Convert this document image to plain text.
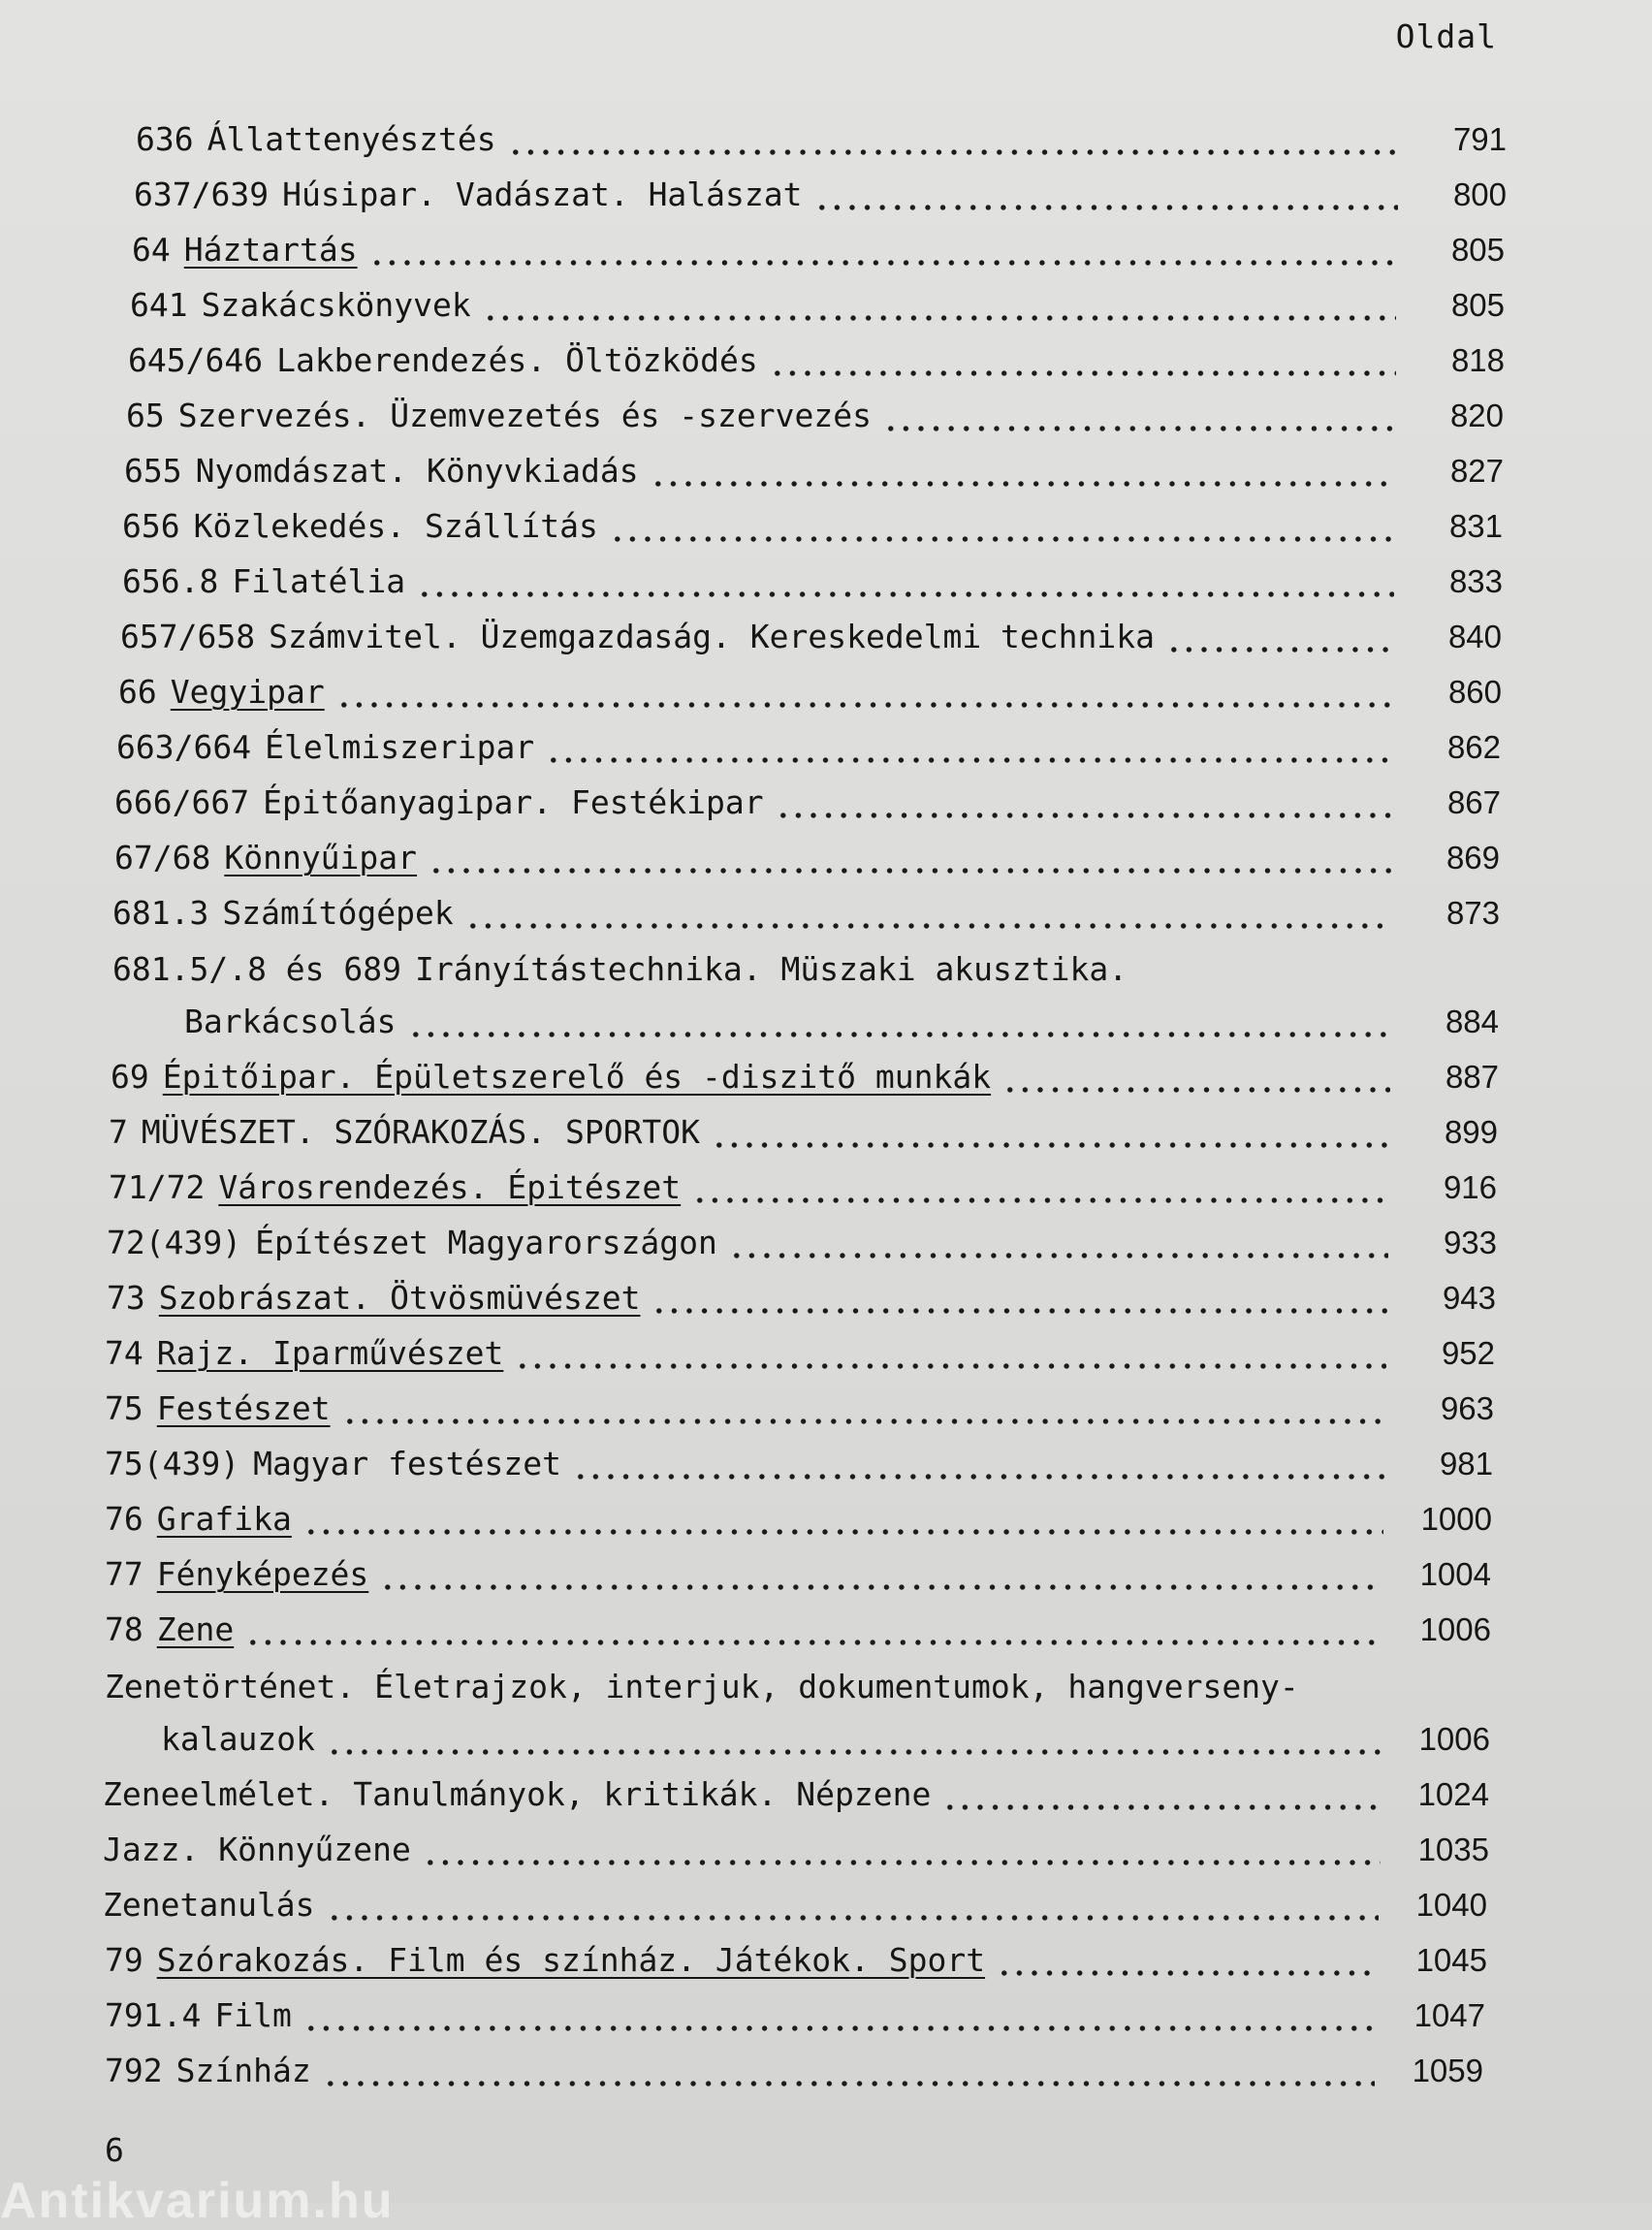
Oldal
636 Állattenyésztés	791
637/639 Húsipar. Vadászat. Halászat	800
64 Háztartás	805
641 Szakácskönyvek	805
645/646 Lakberendezés. Öltözködés	818
65 Szervezés. Üzemvezetés és -szervezés	820
655 Nyomdászat. Könyvkiadás	827
656 Közlekedés. Szállítás	831
656.8 Filatélia	833
657/658 Számvitel. Üzemgazdaság. Kereskedelmi technika	840
66 Vegyipar	860
663/664 Élelmiszeripar	862
666/667 Épitőanyagipar. Festékipar	867
67/68 Könnyűipar	869
681.3 Számítógépek	873
681.5/.8 és 689 Irányítástechnika. Müszaki akusztika.
Barkácsolás	884
69 Épitőipar. Épületszerelő és -diszitő munkák	887
7 MÜVÉSZET. SZÓRAKOZÁS. SPORTOK	899
71/72 Városrendezés. Épitészet	916
72(439) Építészet Magyarországon	933
73 Szobrászat. Ötvösmüvészet	943
74 Rajz. Iparművészet	952
75 Festészet	963
75(439) Magyar festészet	981
76 Grafika	1000
77 Fényképezés	1004
78 Zene	1006
Zenetörténet. Életrajzok, interjuk, dokumentumok, hangverseny-
kalauzok	1006
Zeneelmélet. Tanulmányok, kritikák. Népzene	1024
Jazz. Könnyűzene	1035
Zenetanulás	1040
79 Szórakozás. Film és színház. Játékok. Sport	1045
791.4 Film	1047
792 Színház	1059
6
Antikvarium.hu
